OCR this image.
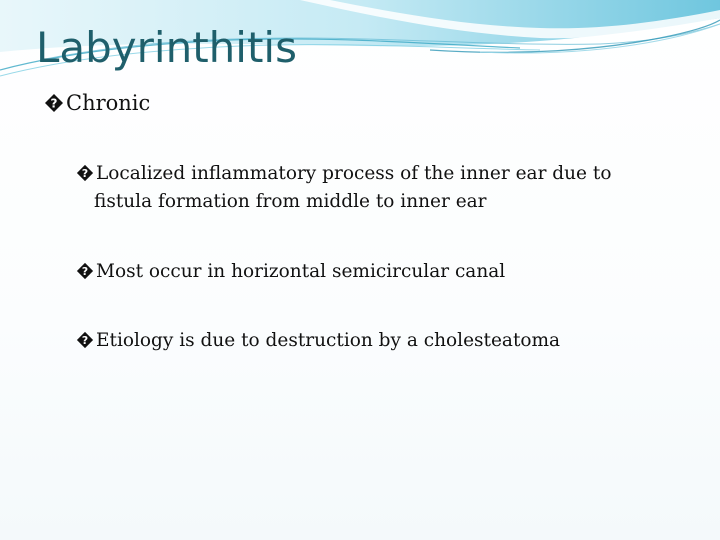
Labyrinthitis
? Chronic
? Localized inflammatory process of the inner ear due to
fistula formation from middle to inner ear
? Most occur in horizontal semicircular canal
? Etiology is due to destruction by a cholesteatoma
